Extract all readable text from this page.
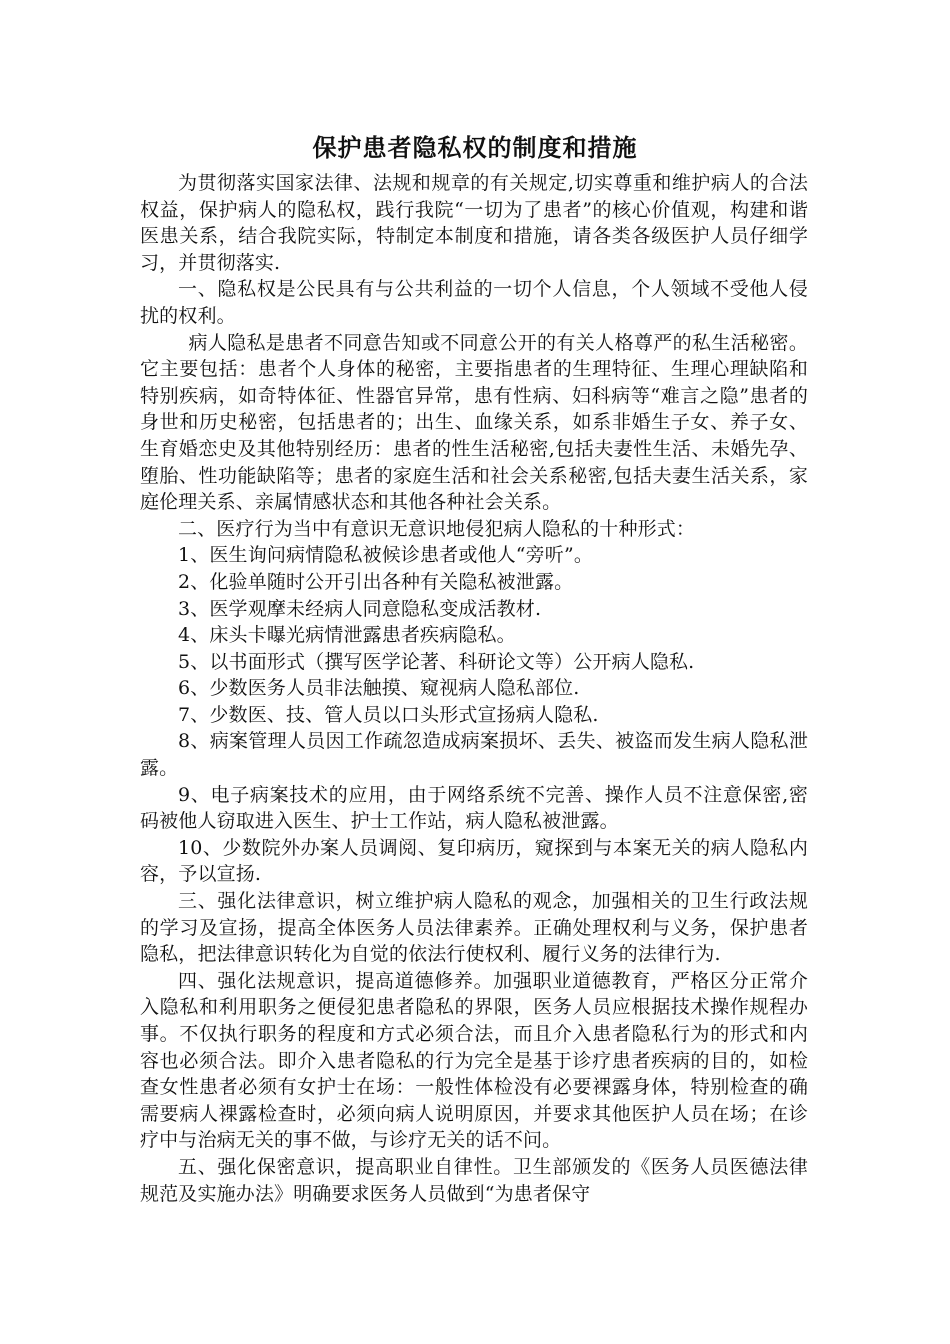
保护患者隐私权的制度和措施

为贯彻落实国家法律、法规和规章的有关规定,切实尊重和维护病人的合法权益，保护病人的隐私权，践行我院“一切为了患者”的核心价值观，构建和谐医患关系，结合我院实际，特制定本制度和措施，请各类各级医护人员仔细学习，并贯彻落实.

一、隐私权是公民具有与公共利益的一切个人信息，个人领域不受他人侵扰的权利。

病人隐私是患者不同意告知或不同意公开的有关人格尊严的私生活秘密。它主要包括：患者个人身体的秘密，主要指患者的生理特征、生理心理缺陷和特别疾病，如奇特体征、性器官异常，患有性病、妇科病等“难言之隐”患者的身世和历史秘密，包括患者的；出生、血缘关系，如系非婚生子女、养子女、生育婚恋史及其他特别经历：患者的性生活秘密,包括夫妻性生活、未婚先孕、堕胎、性功能缺陷等；患者的家庭生活和社会关系秘密,包括夫妻生活关系，家庭伦理关系、亲属情感状态和其他各种社会关系。

二、医疗行为当中有意识无意识地侵犯病人隐私的十种形式：

1、医生询问病情隐私被候诊患者或他人“旁听”。

2、化验单随时公开引出各种有关隐私被泄露。

3、医学观摩未经病人同意隐私变成活教材.

4、床头卡曝光病情泄露患者疾病隐私。

5、以书面形式（撰写医学论著、科研论文等）公开病人隐私.

6、少数医务人员非法触摸、窥视病人隐私部位.

7、少数医、技、管人员以口头形式宣扬病人隐私.

8、病案管理人员因工作疏忽造成病案损坏、丢失、被盗而发生病人隐私泄露。

9、电子病案技术的应用，由于网络系统不完善、操作人员不注意保密,密码被他人窃取进入医生、护士工作站，病人隐私被泄露。

10、少数院外办案人员调阅、复印病历，窥探到与本案无关的病人隐私内容，予以宣扬.

三、强化法律意识，树立维护病人隐私的观念，加强相关的卫生行政法规的学习及宣扬，提高全体医务人员法律素养。正确处理权利与义务，保护患者隐私，把法律意识转化为自觉的依法行使权利、履行义务的法律行为.

四、强化法规意识，提高道德修养。加强职业道德教育，严格区分正常介入隐私和利用职务之便侵犯患者隐私的界限，医务人员应根据技术操作规程办事。不仅执行职务的程度和方式必须合法，而且介入患者隐私行为的形式和内容也必须合法。即介入患者隐私的行为完全是基于诊疗患者疾病的目的，如检查女性患者必须有女护士在场：一般性体检没有必要裸露身体，特别检查的确需要病人裸露检查时，必须向病人说明原因，并要求其他医护人员在场；在诊疗中与治病无关的事不做，与诊疗无关的话不问。

五、强化保密意识，提高职业自律性。卫生部颁发的《医务人员医德法律规范及实施办法》明确要求医务人员做到“为患者保守
